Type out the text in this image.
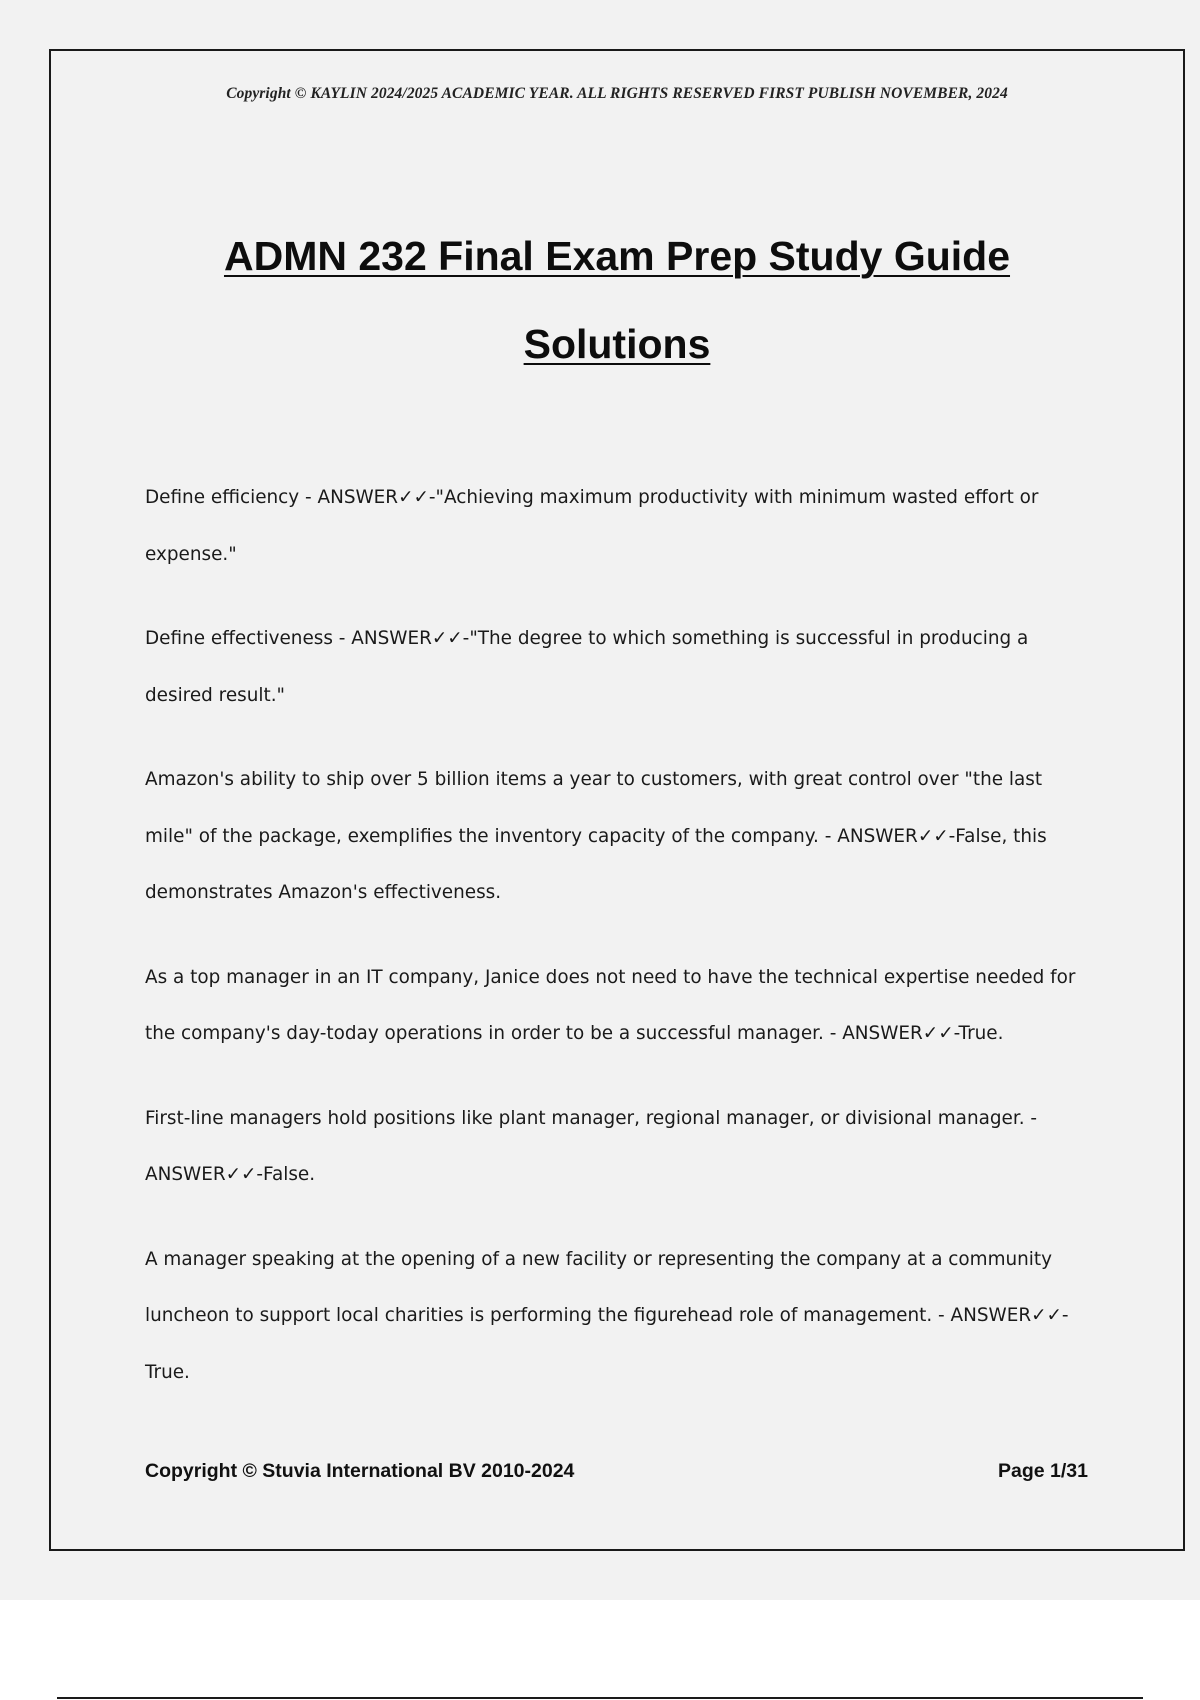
Copyright © KAYLIN 2024/2025 ACADEMIC YEAR. ALL RIGHTS RESERVED FIRST PUBLISH NOVEMBER, 2024
ADMN 232 Final Exam Prep Study Guide
Solutions

Define efficiency - ANSWER✓✓-"Achieving maximum productivity with minimum wasted effort or expense."

Define effectiveness - ANSWER✓✓-"The degree to which something is successful in producing a desired result."

Amazon's ability to ship over 5 billion items a year to customers, with great control over "the last mile" of the package, exemplifies the inventory capacity of the company. - ANSWER✓✓-False, this demonstrates Amazon's effectiveness.

As a top manager in an IT company, Janice does not need to have the technical expertise needed for the company's day-today operations in order to be a successful manager. - ANSWER✓✓-True.

First-line managers hold positions like plant manager, regional manager, or divisional manager. - ANSWER✓✓-False.

A manager speaking at the opening of a new facility or representing the company at a community luncheon to support local charities is performing the figurehead role of management. - ANSWER✓✓-True.

Copyright © Stuvia International BV 2010-2024	Page 1/31
